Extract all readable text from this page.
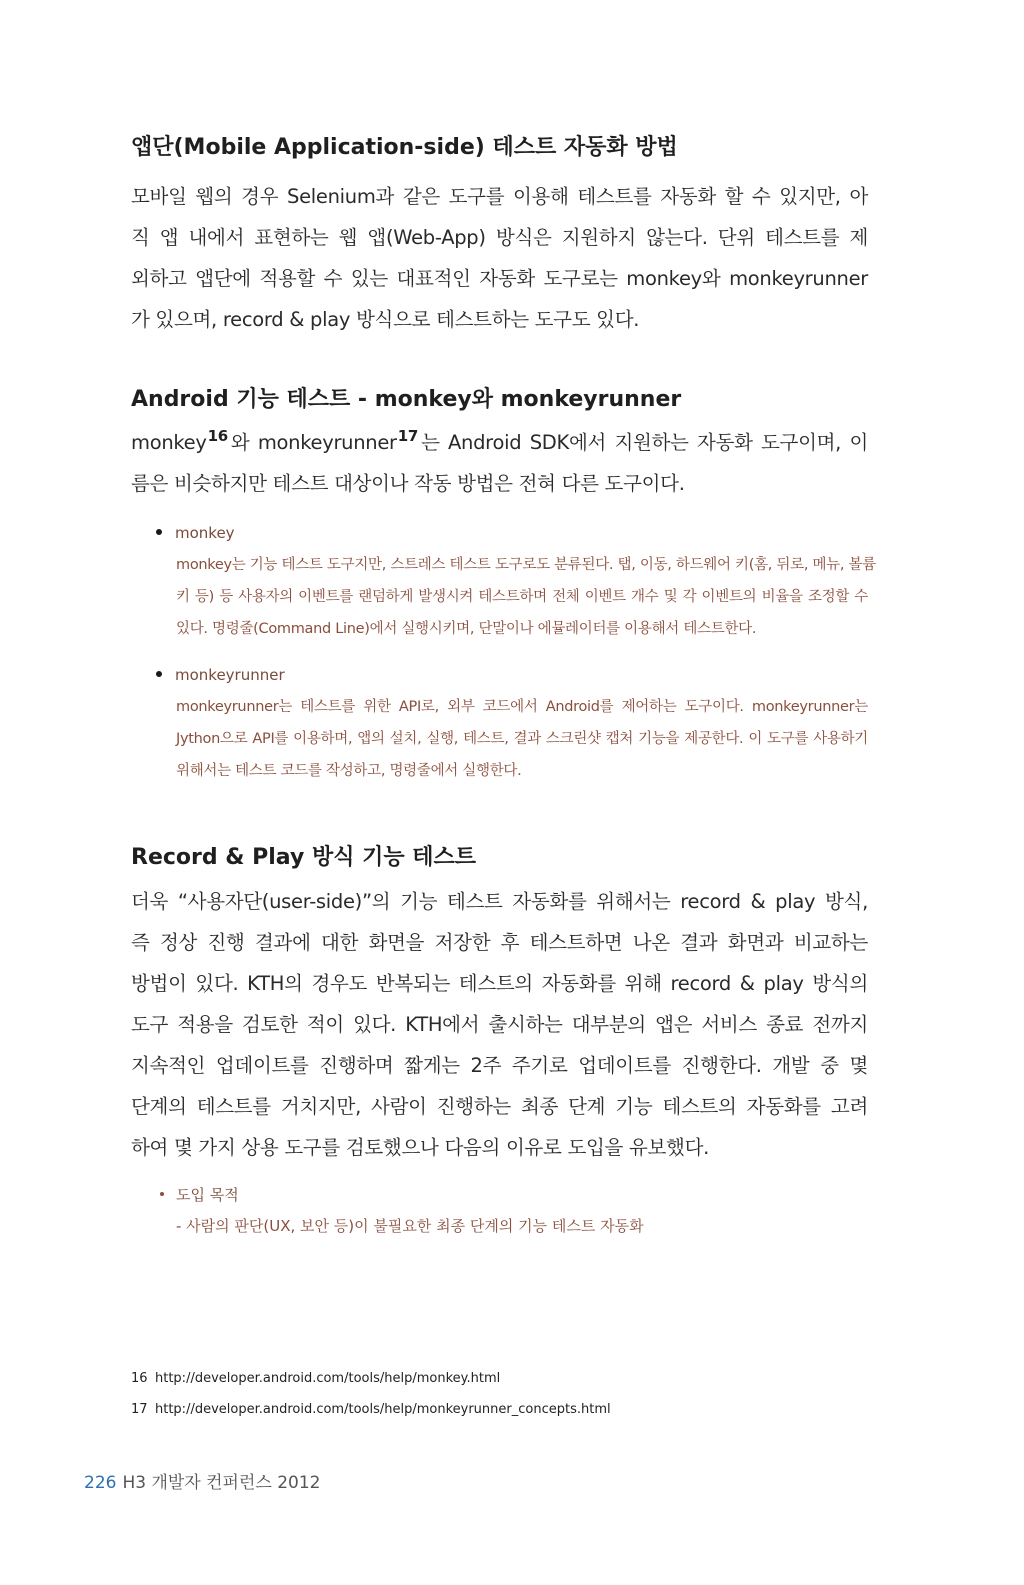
앱단(Mobile Application-side) 테스트 자동화 방법
모바일 웹의 경우 Selenium과 같은 도구를 이용해 테스트를 자동화 할 수 있지만, 아
직 앱 내에서 표현하는 웹 앱(Web-App) 방식은 지원하지 않는다. 단위 테스트를 제
외하고 앱단에 적용할 수 있는 대표적인 자동화 도구로는 monkey와 monkeyrunner
가 있으며, record & play 방식으로 테스트하는 도구도 있다.
Android 기능 테스트 - monkey와 monkeyrunner
monkey$^{16}$ 와 monkeyrunner$^{17}$ 는 Android SDK에서 지원하는 자동화 도구이며, 이
름은 비슷하지만 테스트 대상이나 작동 방법은 전혀 다른 도구이다.

monkey

monkey는 기능 테스트 도구지만, 스트레스 테스트 도구로도 분류된다. 탭, 이동, 하드웨어 키(홈, 뒤로, 메뉴, 볼륨
키 등) 등 사용자의 이벤트를 랜덤하게 발생시켜 테스트하며 전체 이벤트 개수 및 각 이벤트의 비율을 조정할 수
있다. 명령줄(Command Line)에서 실행시키며, 단말이나 에뮬레이터를 이용해서 테스트한다.

monkeyrunner

monkeyrunner는 테스트를 위한 API로, 외부 코드에서 Android를 제어하는 도구이다. monkeyrunner는
Jython으로 API를 이용하며, 앱의 설치, 실행, 테스트, 결과 스크린샷 캡처 기능을 제공한다. 이 도구를 사용하기
위해서는 테스트 코드를 작성하고, 명령줄에서 실행한다.
Record & Play 방식 기능 테스트
더욱 “사용자단(user-side)”의 기능 테스트 자동화를 위해서는 record & play 방식,
즉 정상 진행 결과에 대한 화면을 저장한 후 테스트하면 나온 결과 화면과 비교하는
방법이 있다. KTH의 경우도 반복되는 테스트의 자동화를 위해 record & play 방식의
도구 적용을 검토한 적이 있다. KTH에서 출시하는 대부분의 앱은 서비스 종료 전까지
지속적인 업데이트를 진행하며 짧게는 2주 주기로 업데이트를 진행한다. 개발 중 몇
단계의 테스트를 거치지만, 사람이 진행하는 최종 단계 기능 테스트의 자동화를 고려
하여 몇 가지 상용 도구를 검토했으나 다음의 이유로 도입을 유보했다.

도입 목적

- 사람의 판단(UX, 보안 등)이 불필요한 최종 단계의 기능 테스트 자동화

16 http://developer.android.com/tools/help/monkey.html

17 http://developer.android.com/tools/help/monkeyrunner_concepts.html

226 H3 개발자 컨퍼런스 2012
